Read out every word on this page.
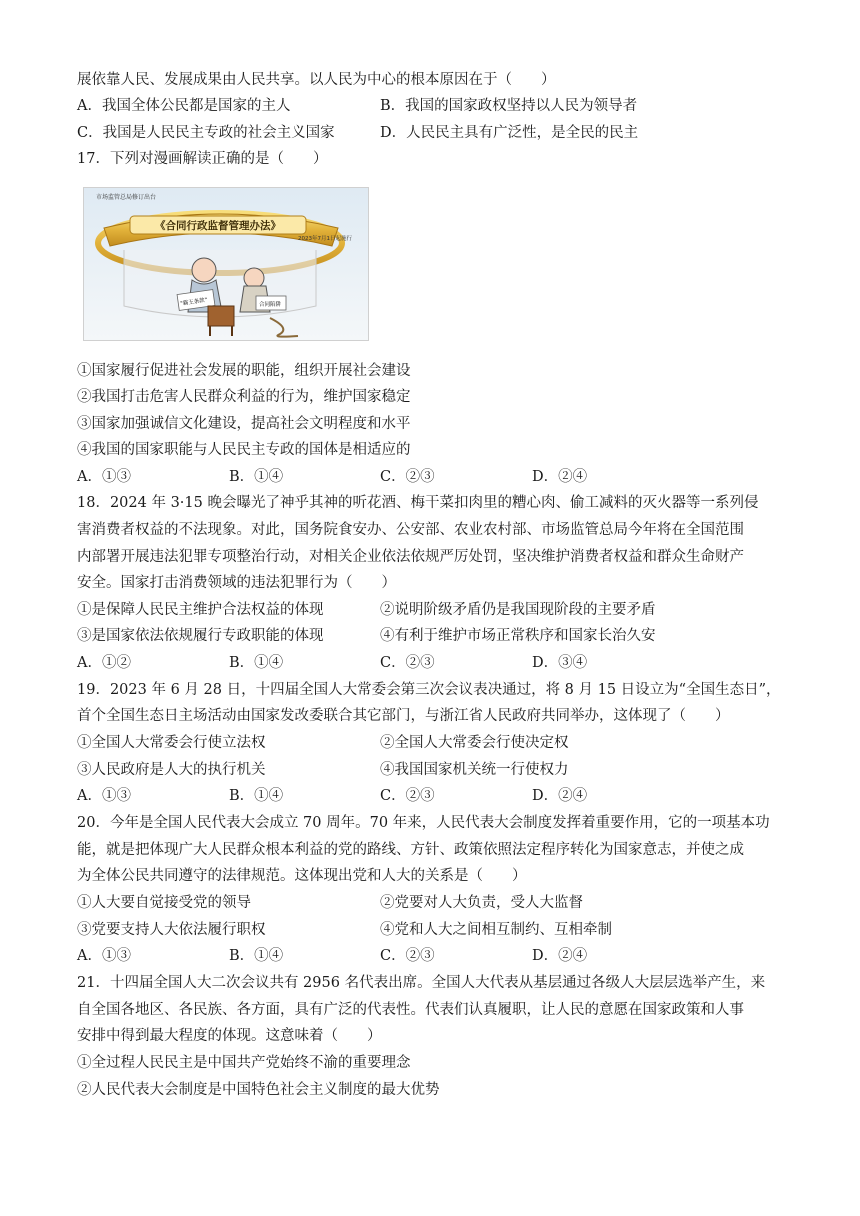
展依靠人民、发展成果由人民共享。以人民为中心的根本原因在于（　　）
A．我国全体公民都是国家的主人	B．我国的国家政权坚持以人民为领导者
C．我国是人民民主专政的社会主义国家	D．人民民主具有广泛性，是全民的民主
17．下列对漫画解读正确的是（　　）
《合同行政监督管理办法》
市场监管总局修订出台
2023年7月1日起施行
"霸王条款"	合同陷阱
①国家履行促进社会发展的职能，组织开展社会建设
②我国打击危害人民群众利益的行为，维护国家稳定
③国家加强诚信文化建设，提高社会文明程度和水平
④我国的国家职能与人民民主专政的国体是相适应的
A．①③	B．①④	C．②③	D．②④
18．2024 年 3·15 晚会曝光了神乎其神的听花酒、梅干菜扣肉里的糟心肉、偷工减料的灭火器等一系列侵
害消费者权益的不法现象。对此，国务院食安办、公安部、农业农村部、市场监管总局今年将在全国范围
内部署开展违法犯罪专项整治行动，对相关企业依法依规严厉处罚，坚决维护消费者权益和群众生命财产
安全。国家打击消费领域的违法犯罪行为（　　）
①是保障人民民主维护合法权益的体现	②说明阶级矛盾仍是我国现阶段的主要矛盾
③是国家依法依规履行专政职能的体现	④有利于维护市场正常秩序和国家长治久安
A．①②	B．①④	C．②③	D．③④
19．2023 年 6 月 28 日，十四届全国人大常委会第三次会议表决通过，将 8 月 15 日设立为“全国生态日”，
首个全国生态日主场活动由国家发改委联合其它部门，与浙江省人民政府共同举办，这体现了（　　）
①全国人大常委会行使立法权	②全国人大常委会行使决定权
③人民政府是人大的执行机关	④我国国家机关统一行使权力
A．①③	B．①④	C．②③	D．②④
20．今年是全国人民代表大会成立 70 周年。70 年来，人民代表大会制度发挥着重要作用，它的一项基本功
能，就是把体现广大人民群众根本利益的党的路线、方针、政策依照法定程序转化为国家意志，并使之成
为全体公民共同遵守的法律规范。这体现出党和人大的关系是（　　）
①人大要自觉接受党的领导	②党要对人大负责，受人大监督
③党要支持人大依法履行职权	④党和人大之间相互制约、互相牵制
A．①③	B．①④	C．②③	D．②④
21．十四届全国人大二次会议共有 2956 名代表出席。全国人大代表从基层通过各级人大层层选举产生，来
自全国各地区、各民族、各方面，具有广泛的代表性。代表们认真履职，让人民的意愿在国家政策和人事
安排中得到最大程度的体现。这意味着（　　）
①全过程人民民主是中国共产党始终不渝的重要理念
②人民代表大会制度是中国特色社会主义制度的最大优势
